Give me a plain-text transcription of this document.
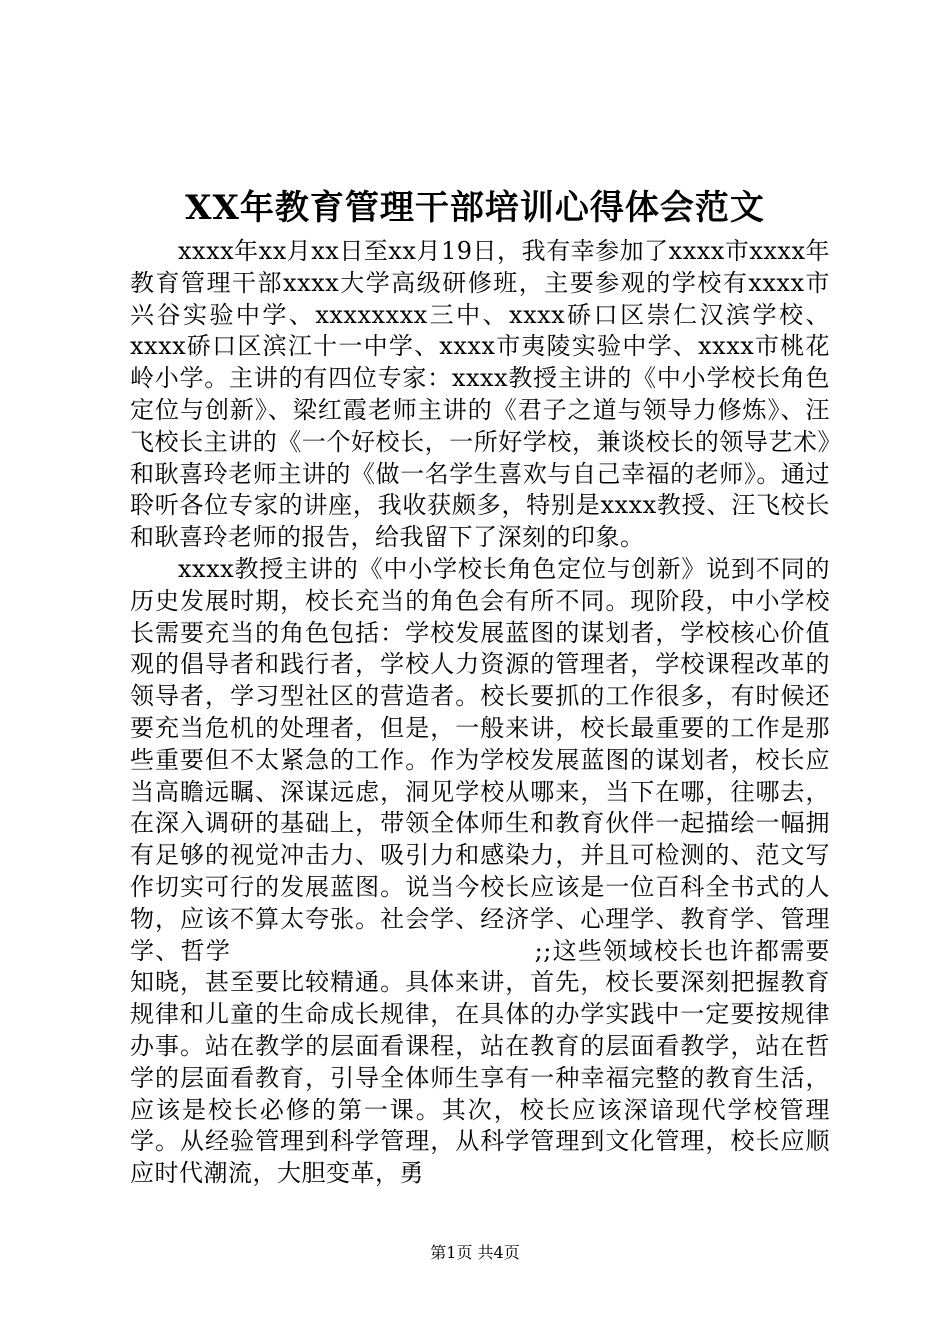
XX年教育管理干部培训心得体会范文

xxxx年xx月xx日至xx月19日，我有幸参加了xxxx市xxxx年教育管理干部xxxx大学高级研修班，主要参观的学校有xxxx市兴谷实验中学、xxxxxxxx三中、xxxx硚口区崇仁汉滨学校、xxxx硚口区滨江十一中学、xxxx市夷陵实验中学、xxxx市桃花岭小学。主讲的有四位专家：xxxx教授主讲的《中小学校长角色定位与创新》、梁红霞老师主讲的《君子之道与领导力修炼》、汪飞校长主讲的《一个好校长，一所好学校，兼谈校长的领导艺术》和耿喜玲老师主讲的《做一名学生喜欢与自己幸福的老师》。通过聆听各位专家的讲座，我收获颇多，特别是xxxx教授、汪飞校长和耿喜玲老师的报告，给我留下了深刻的印象。

xxxx教授主讲的《中小学校长角色定位与创新》说到不同的历史发展时期，校长充当的角色会有所不同。现阶段，中小学校长需要充当的角色包括：学校发展蓝图的谋划者，学校核心价值观的倡导者和践行者，学校人力资源的管理者，学校课程改革的领导者，学习型社区的营造者。校长要抓的工作很多，有时候还要充当危机的处理者，但是，一般来讲，校长最重要的工作是那些重要但不太紧急的工作。作为学校发展蓝图的谋划者，校长应当高瞻远瞩、深谋远虑，洞见学校从哪来，当下在哪，往哪去，在深入调研的基础上，带领全体师生和教育伙伴一起描绘一幅拥有足够的视觉冲击力、吸引力和感染力，并且可检测的、范文写作切实可行的发展蓝图。说当今校长应该是一位百科全书式的人物，应该不算太夸张。社会学、经济学、心理学、教育学、管理学、哲学　　　　　　　　　　　　;;这些领域校长也许都需要知晓，甚至要比较精通。具体来讲，首先，校长要深刻把握教育规律和儿童的生命成长规律，在具体的办学实践中一定要按规律办事。站在教学的层面看课程，站在教育的层面看教学，站在哲学的层面看教育，引导全体师生享有一种幸福完整的教育生活，应该是校长必修的第一课。其次，校长应该深谙现代学校管理学。从经验管理到科学管理，从科学管理到文化管理，校长应顺应时代潮流，大胆变革，勇

第1页 共4页
